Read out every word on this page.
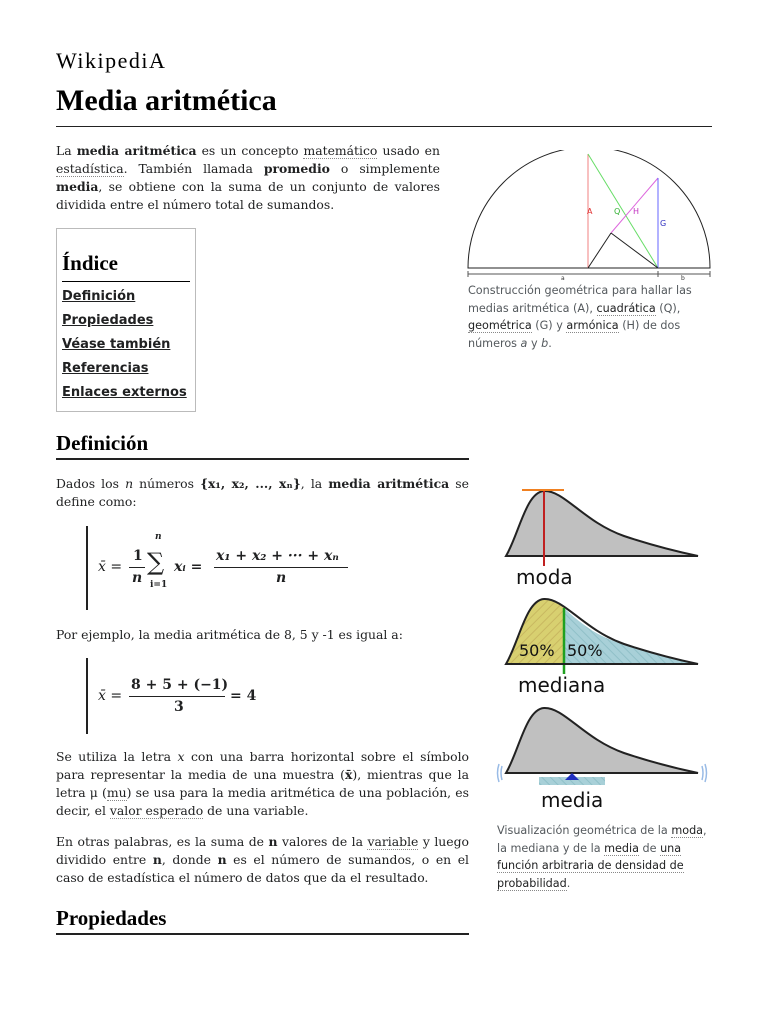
WikipediA
Media aritmética
La media aritmética es un concepto matemático usado en estadística. También llamada promedio o simplemente media, se obtiene con la suma de un conjunto de valores dividida entre el número total de sumandos.	A	Q H
G
a	b
Construcción geométrica para hallar las medias aritmética (A), cuadrática (Q), geométrica (G) y armónica (H) de dos números a y b.
Índice
Definición
Propiedades
Véase también
Referencias
Enlaces externos
Definición
Dados los n números {x₁, x₂, ..., xₙ}, la media aritmética se define como:
x̄ =
1
n
n
∑
i=1
xᵢ =
x₁ + x₂ + ··· + xₙ
n
Por ejemplo, la media aritmética de 8, 5 y -1 es igual a:
x̄ =
8 + 5 + (−1)
3
= 4
Se utiliza la letra x con una barra horizontal sobre el símbolo para representar la media de una muestra (x̄), mientras que la letra μ (mu) se usa para la media aritmética de una población, es decir, el valor esperado de una variable.
En otras palabras, es la suma de n valores de la variable y luego dividido entre n, donde n es el número de sumandos, o en el caso de estadística el número de datos que da el resultado.
moda
50% 50%
mediana
media
Visualización geométrica de la moda, la mediana y de la media de una función arbitraria de densidad de probabilidad.
Propiedades
